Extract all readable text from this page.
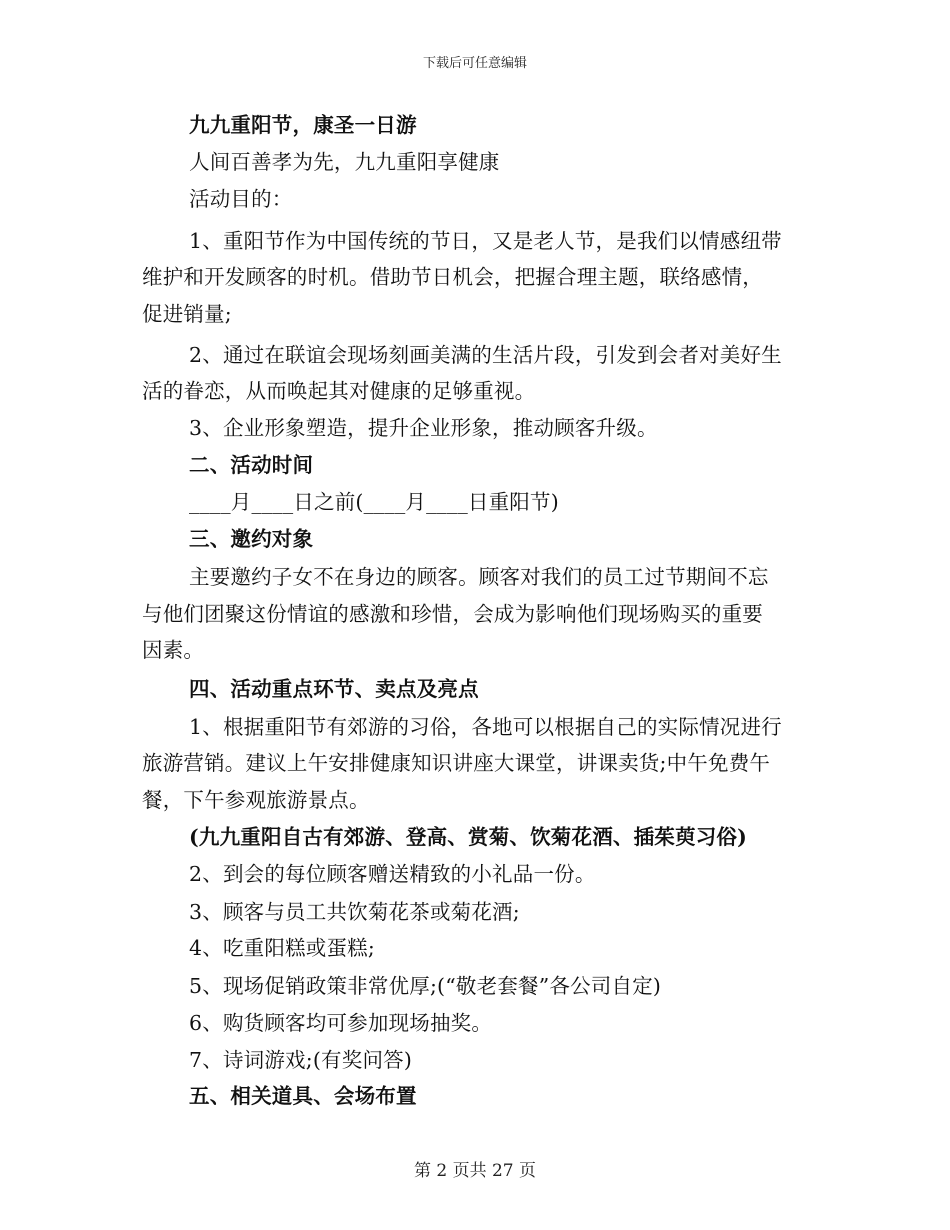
下载后可任意编辑
九九重阳节，康圣一日游
人间百善孝为先，九九重阳享健康
活动目的：
1、重阳节作为中国传统的节日，又是老人节，是我们以情感纽带
维护和开发顾客的时机。借助节日机会，把握合理主题，联络感情，
促进销量;
2、通过在联谊会现场刻画美满的生活片段，引发到会者对美好生
活的眷恋，从而唤起其对健康的足够重视。
3、企业形象塑造，提升企业形象，推动顾客升级。
二、活动时间
____月____日之前(____月____日重阳节)
三、邀约对象
主要邀约子女不在身边的顾客。顾客对我们的员工过节期间不忘
与他们团聚这份情谊的感激和珍惜，会成为影响他们现场购买的重要
因素。
四、活动重点环节、卖点及亮点
1、根据重阳节有郊游的习俗，各地可以根据自己的实际情况进行
旅游营销。建议上午安排健康知识讲座大课堂，讲课卖货;中午免费午
餐，下午参观旅游景点。
(九九重阳自古有郊游、登高、赏菊、饮菊花酒、插茱萸习俗)
2、到会的每位顾客赠送精致的小礼品一份。
3、顾客与员工共饮菊花茶或菊花酒;
4、吃重阳糕或蛋糕;
5、现场促销政策非常优厚;(“敬老套餐”各公司自定)
6、购货顾客均可参加现场抽奖。
7、诗词游戏;(有奖问答)
五、相关道具、会场布置
第 2 页共 27 页
